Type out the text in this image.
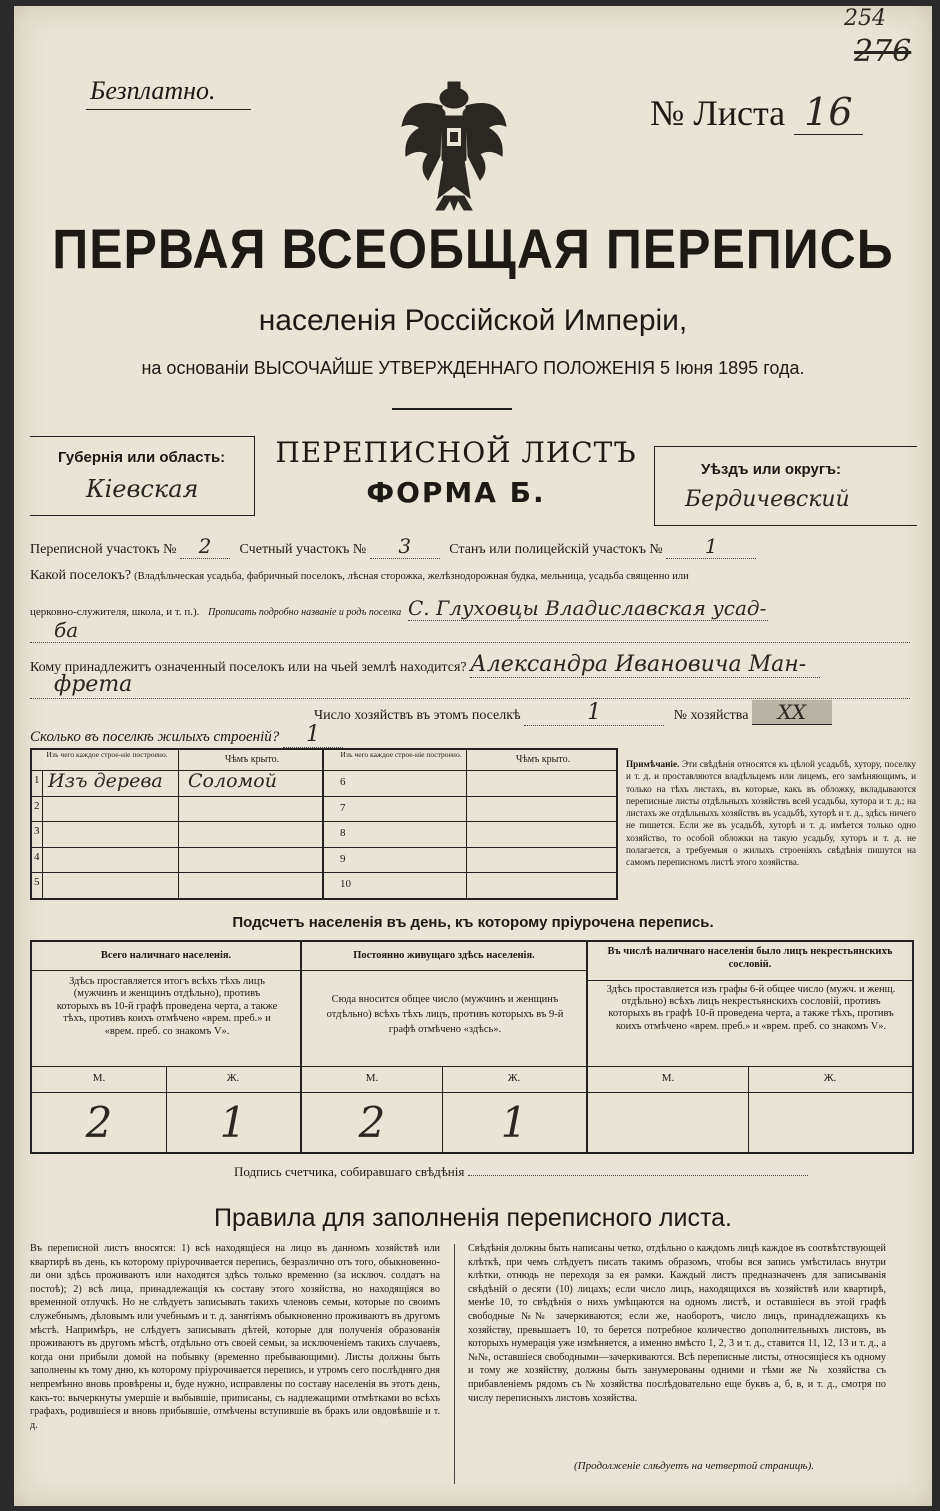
254
276
Безплатно.
№ Листа 16
ПЕРВАЯ ВСЕОБЩАЯ ПЕРЕПИСЬ
населенія Россійской Имперіи,
на основаніи ВЫСОЧАЙШЕ УТВЕРЖДЕННАГО ПОЛОЖЕНІЯ 5 Іюня 1895 года.
Губернія или область:
Кiевская
ПЕРЕПИСНОЙ ЛИСТЪ
ФОРМА Б.
Уѣздъ или округъ:
Бердичевский
Переписной участокъ № 2 Счетный участокъ № 3	Станъ или полицейскій участокъ № 1
Какой поселокъ? (Владѣльческая усадьба, фабричный поселокъ, лѣсная сторожка, желѣзнодорожная будка, мельница, усадьба священно или
церковно-служителя, школа, и т. п.). Прописать подробно названіе и родъ поселка С. Глуховцы Владиславская усад-
ба
Кому принадлежитъ означенный поселокъ или на чьей землѣ находится? Александра Ивановича Ман-
фрета
Число хозяйствъ въ этомъ поселкѣ	1	№ хозяйства XX
Сколько въ поселкѣ жилыхъ строеній? 1
Изъ чего каждое строе-ніе построено.	Чѣмъ крыто.
1 Изъ дерева Соломой
2
3
4
5
Изъ чего каждое строе-ніе построено.	Чѣмъ крыто.
6
7
8
9
10
Примѣчаніе. Эти свѣдѣнія относятся къ цѣлой усадьбѣ, хутору, поселку и т. д. и проставляются владѣльцемъ или лицемъ, его замѣняющимъ, и только на тѣхъ листахъ, въ которые, какъ въ обложку, вкладываются переписные листы отдѣльныхъ хозяйствъ всей усадьбы, хутора и т. д.; на листахъ же отдѣльныхъ хозяйствъ въ усадьбѣ, хуторѣ и т. д., здѣсь ничего не пишется. Если же въ усадьбѣ, хуторѣ и т. д. имѣется только одно хозяйство, то особой обложки на такую усадьбу, хуторъ и т. д. не полагается, а требуемыя о жилыхъ строеніяхъ свѣдѣнія пишутся на самомъ переписномъ листѣ этого хозяйства.
Подсчетъ населенія въ день, къ которому пріурочена перепись.
Всего наличнаго населенія.	Постоянно живущаго здѣсь населенія.	Въ числѣ наличнаго населенія было лицъ некрестьянскихъ сословій.
Здѣсь проставляется итогъ всѣхъ тѣхъ лицъ (мужчинъ и женщинъ отдѣльно), противъ которыхъ въ 10-й графѣ проведена черта, а также тѣхъ, противъ коихъ отмѣчено «врем. преб.» и «врем. преб. со знакомъ V».
Сюда вносится общее число (мужчинъ и женщинъ отдѣльно) всѣхъ тѣхъ лицъ, противъ которыхъ въ 9-й графѣ отмѣчено «здѣсь».
Здѣсь проставляется изъ графы 6-й общее число (мужч. и женщ. отдѣльно) всѣхъ лицъ некрестьянскихъ сословій, противъ которыхъ въ графѣ 10-й проведена черта, а также тѣхъ, противъ коихъ отмѣчено «врем. преб.» и «врем. преб. со знакомъ V».
М.	Ж.	М.	Ж.	М.	Ж.
2	1	2	1
Подпись счетчика, собиравшаго свѣдѣнія
Правила для заполненія переписного листа.
Въ переписной листъ вносятся: 1) всѣ находящіеся на лицо въ данномъ хозяйствѣ или квартирѣ въ день, къ которому пріурочивается перепись, безразлично отъ того, обыкновенно-ли они здѣсь проживаютъ или находятся здѣсь только временно (за исключ. солдатъ на постоѣ); 2) всѣ лица, принадлежащія къ составу этого хозяйства, но находящіяся во временной отлучкѣ. Но не слѣдуетъ записывать такихъ членовъ семьи, которые по своимъ служебнымъ, дѣловымъ или учебнымъ и т. д. занятіямъ обыкновенно проживаютъ въ другомъ мѣстѣ. Напримѣръ, не слѣдуетъ записывать дѣтей, которые для полученія образованія проживаютъ въ другомъ мѣстѣ, отдѣльно отъ своей семьи, за исключеніемъ такихъ случаевъ, когда они прибыли домой на побывку (временно пребывающими). Листы должны быть заполнены къ тому дню, къ которому пріурочивается перепись, и утромъ сего послѣдняго дня непремѣнно вновь провѣрены и, буде нужно, исправлены по составу населенія въ этотъ день, какъ-то: вычеркнуты умершіе и выбывшіе, приписаны, съ надлежащими отмѣтками во всѣхъ графахъ, родившіеся и вновь прибывшіе, отмѣчены вступившіе въ бракъ или овдовѣвшіе и т. д.
Свѣдѣнія должны быть написаны четко, отдѣльно о каждомъ лицѣ каждое въ соотвѣтствующей клѣткѣ, при чемъ слѣдуетъ писать такимъ образомъ, чтобы вся запись умѣстилась внутри клѣтки, отнюдь не переходя за ея рамки. Каждый листъ предназначенъ для записыванія свѣдѣній о десяти (10) лицахъ; если число лицъ, находящихся въ хозяйствѣ или квартирѣ, менѣе 10, то свѣдѣнія о нихъ умѣщаются на одномъ листѣ, и оставшіеся въ этой графѣ свободные №№ зачеркиваются; если же, наоборотъ, число лицъ, принадлежащихъ къ хозяйству, превышаетъ 10, то берется потребное количество дополнительныхъ листовъ, въ которыхъ нумерація уже измѣняется, а именно вмѣсто 1, 2, 3 и т. д., ставится 11, 12, 13 и т. д., а №№, оставшіеся свободными—зачеркиваются. Всѣ переписные листы, относящіеся къ одному и тому же хозяйству, должны быть занумерованы одними и тѣми же № хозяйства съ прибавленіемъ рядомъ съ № хозяйства послѣдовательно еще буквъ а, б, в, и т. д., смотря по числу переписныхъ листовъ хозяйства.
(Продолженіе слѣдуетъ на четвертой страницѣ).
